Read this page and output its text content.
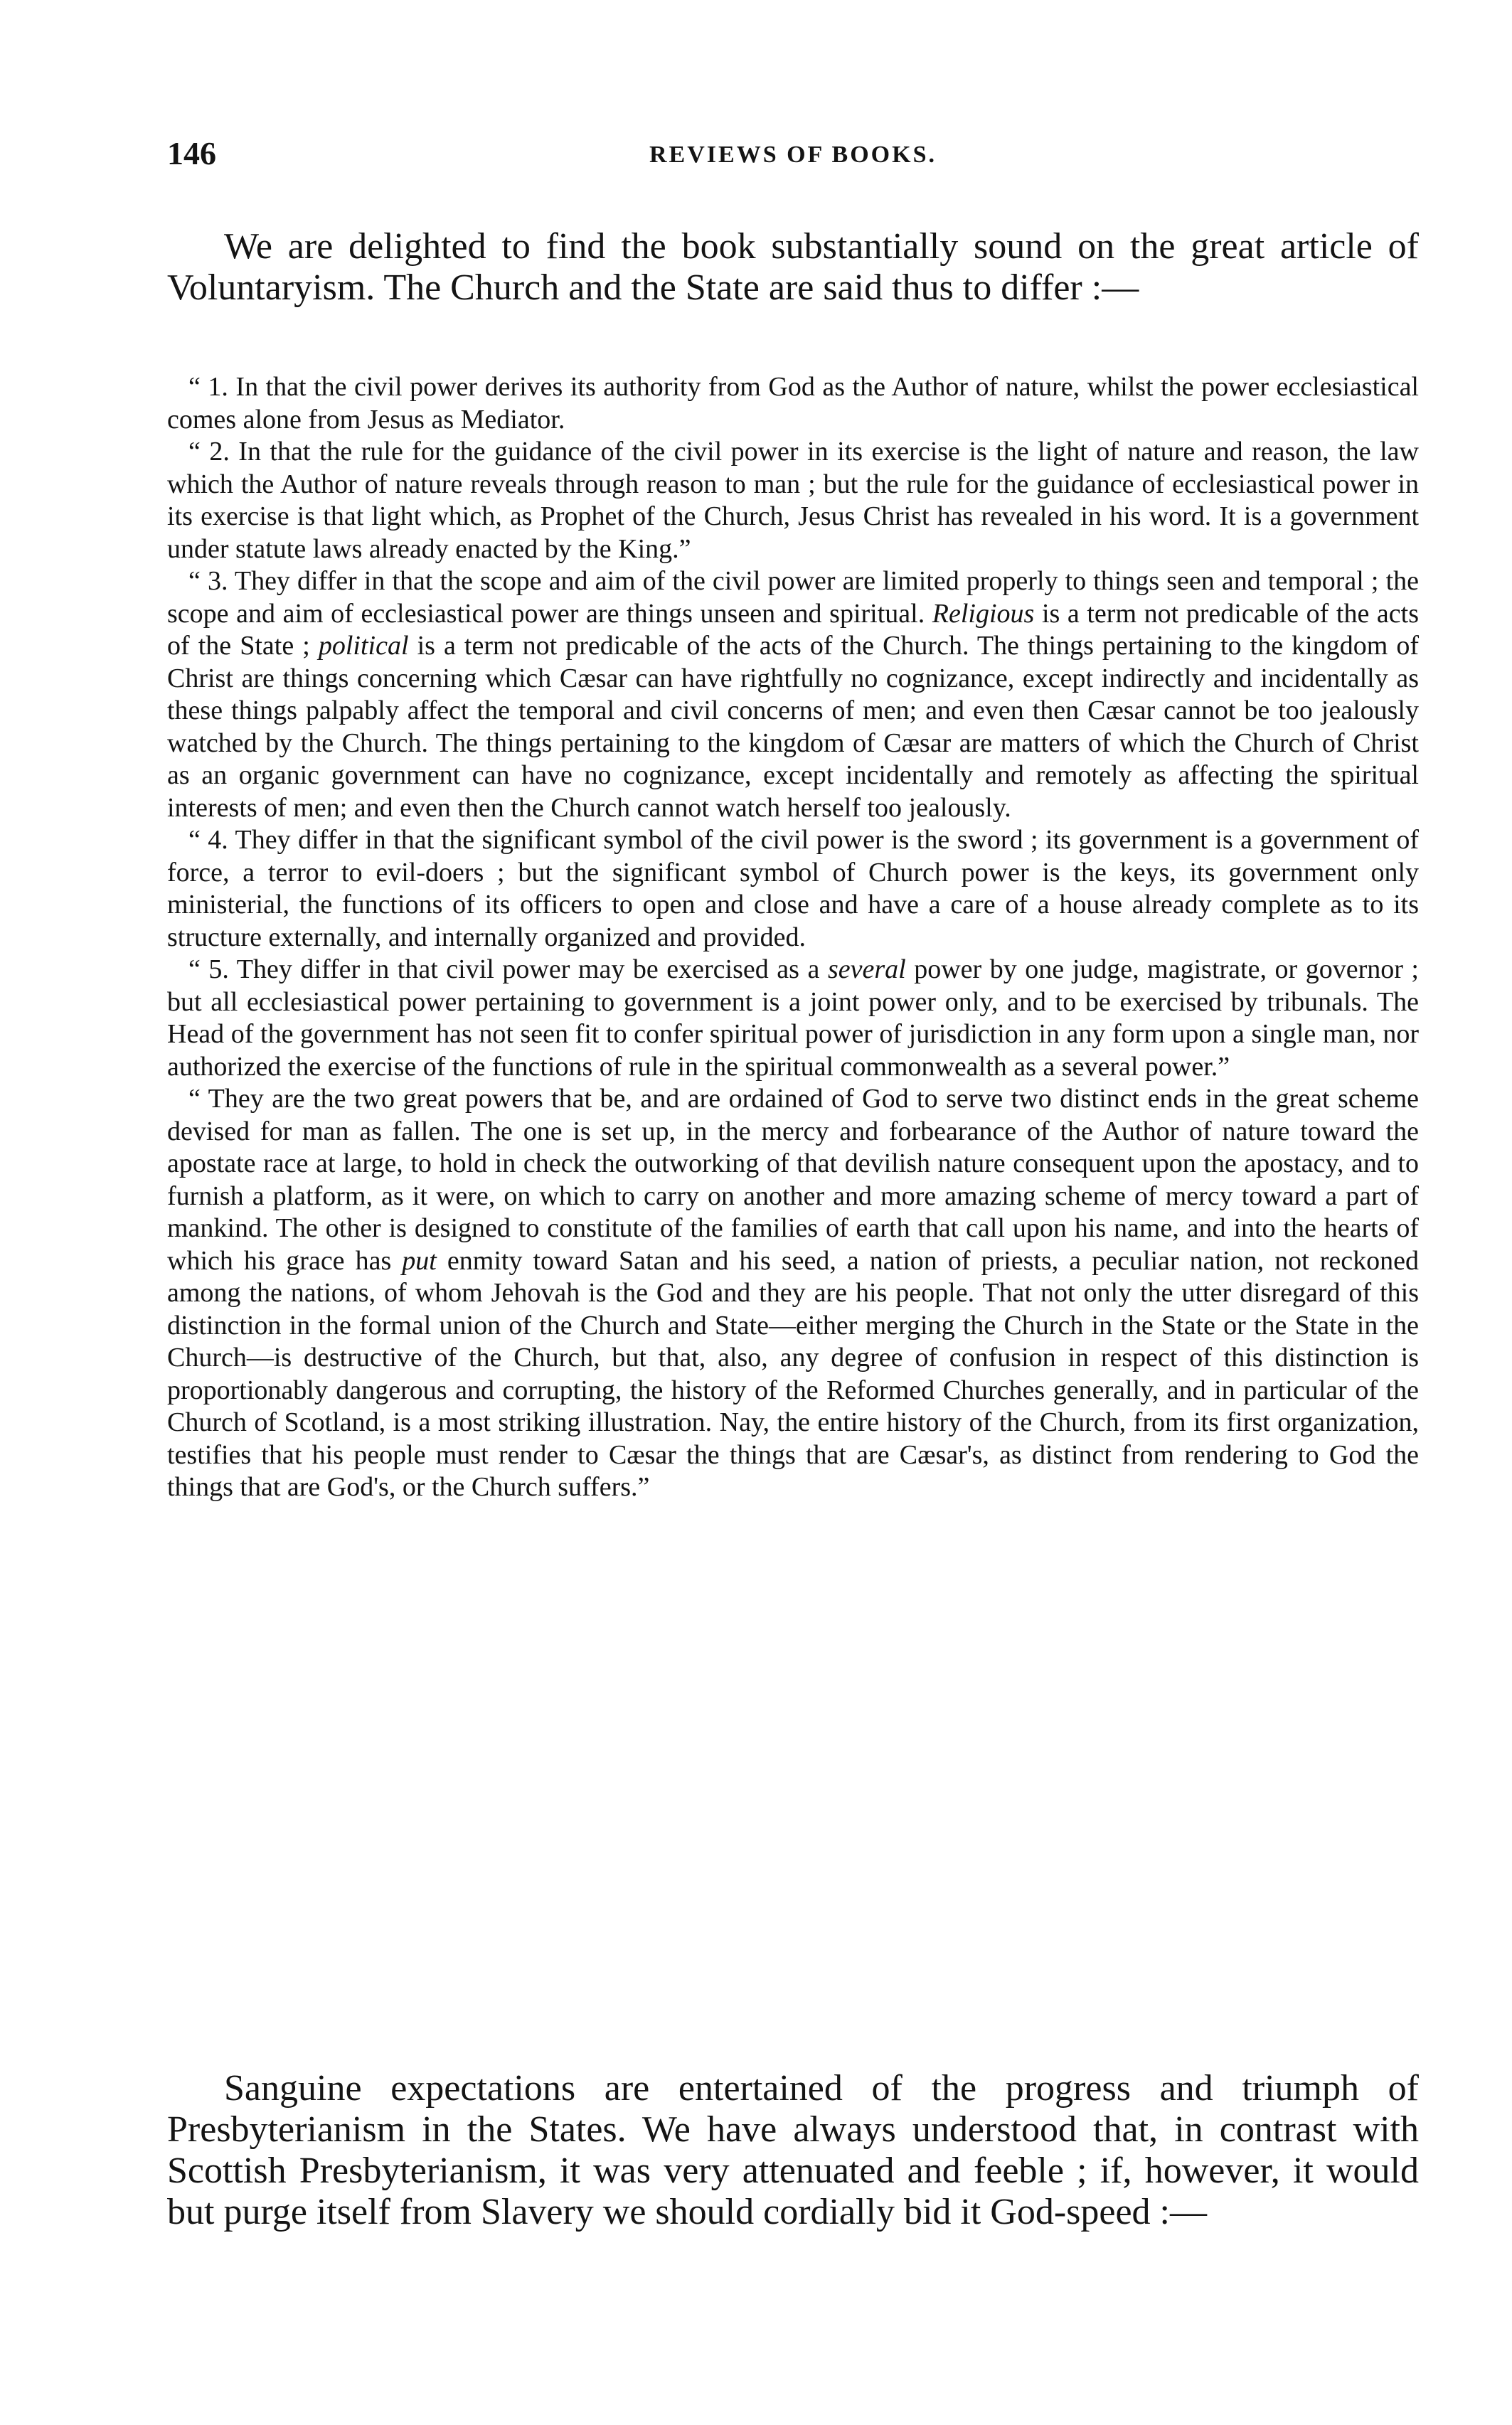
146	REVIEWS OF BOOKS.

We are delighted to find the book substantially sound on the great article of Voluntaryism. The Church and the State are said thus to differ :—

“ 1. In that the civil power derives its authority from God as the Author of nature, whilst the power ecclesiastical comes alone from Jesus as Mediator.

“ 2. In that the rule for the guidance of the civil power in its exercise is the light of nature and reason, the law which the Author of nature reveals through reason to man ; but the rule for the guidance of ecclesiastical power in its exercise is that light which, as Prophet of the Church, Jesus Christ has revealed in his word. It is a government under statute laws already enacted by the King.”

“ 3. They differ in that the scope and aim of the civil power are limited properly to things seen and temporal ; the scope and aim of ecclesiastical power are things unseen and spiritual. Religious is a term not predicable of the acts of the State ; political is a term not predicable of the acts of the Church. The things pertaining to the kingdom of Christ are things concerning which Cæsar can have rightfully no cognizance, except indirectly and incidentally as these things palpably affect the temporal and civil concerns of men; and even then Cæsar cannot be too jealously watched by the Church. The things pertaining to the kingdom of Cæsar are matters of which the Church of Christ as an organic government can have no cognizance, except incidentally and remotely as affecting the spiritual interests of men; and even then the Church cannot watch herself too jealously.

“ 4. They differ in that the significant symbol of the civil power is the sword ; its government is a government of force, a terror to evil-doers ; but the significant symbol of Church power is the keys, its government only ministerial, the functions of its officers to open and close and have a care of a house already complete as to its structure externally, and internally organized and provided.

“ 5. They differ in that civil power may be exercised as a several power by one judge, magistrate, or governor ; but all ecclesiastical power pertaining to government is a joint power only, and to be exercised by tribunals. The Head of the government has not seen fit to confer spiritual power of jurisdiction in any form upon a single man, nor authorized the exercise of the functions of rule in the spiritual commonwealth as a several power.”

“ They are the two great powers that be, and are ordained of God to serve two distinct ends in the great scheme devised for man as fallen. The one is set up, in the mercy and forbearance of the Author of nature toward the apostate race at large, to hold in check the outworking of that devilish nature consequent upon the apostacy, and to furnish a platform, as it were, on which to carry on another and more amazing scheme of mercy toward a part of mankind. The other is designed to constitute of the families of earth that call upon his name, and into the hearts of which his grace has put enmity toward Satan and his seed, a nation of priests, a peculiar nation, not reckoned among the nations, of whom Jehovah is the God and they are his people. That not only the utter disregard of this distinction in the formal union of the Church and State—either merging the Church in the State or the State in the Church—is destructive of the Church, but that, also, any degree of confusion in respect of this distinction is proportionably dangerous and corrupting, the history of the Reformed Churches generally, and in particular of the Church of Scotland, is a most striking illustration. Nay, the entire history of the Church, from its first organization, testifies that his people must render to Cæsar the things that are Cæsar's, as distinct from rendering to God the things that are God's, or the Church suffers.”

Sanguine expectations are entertained of the progress and triumph of Presbyterianism in the States. We have always understood that, in contrast with Scottish Presbyterianism, it was very attenuated and feeble ; if, however, it would but purge itself from Slavery we should cordially bid it God-speed :—
